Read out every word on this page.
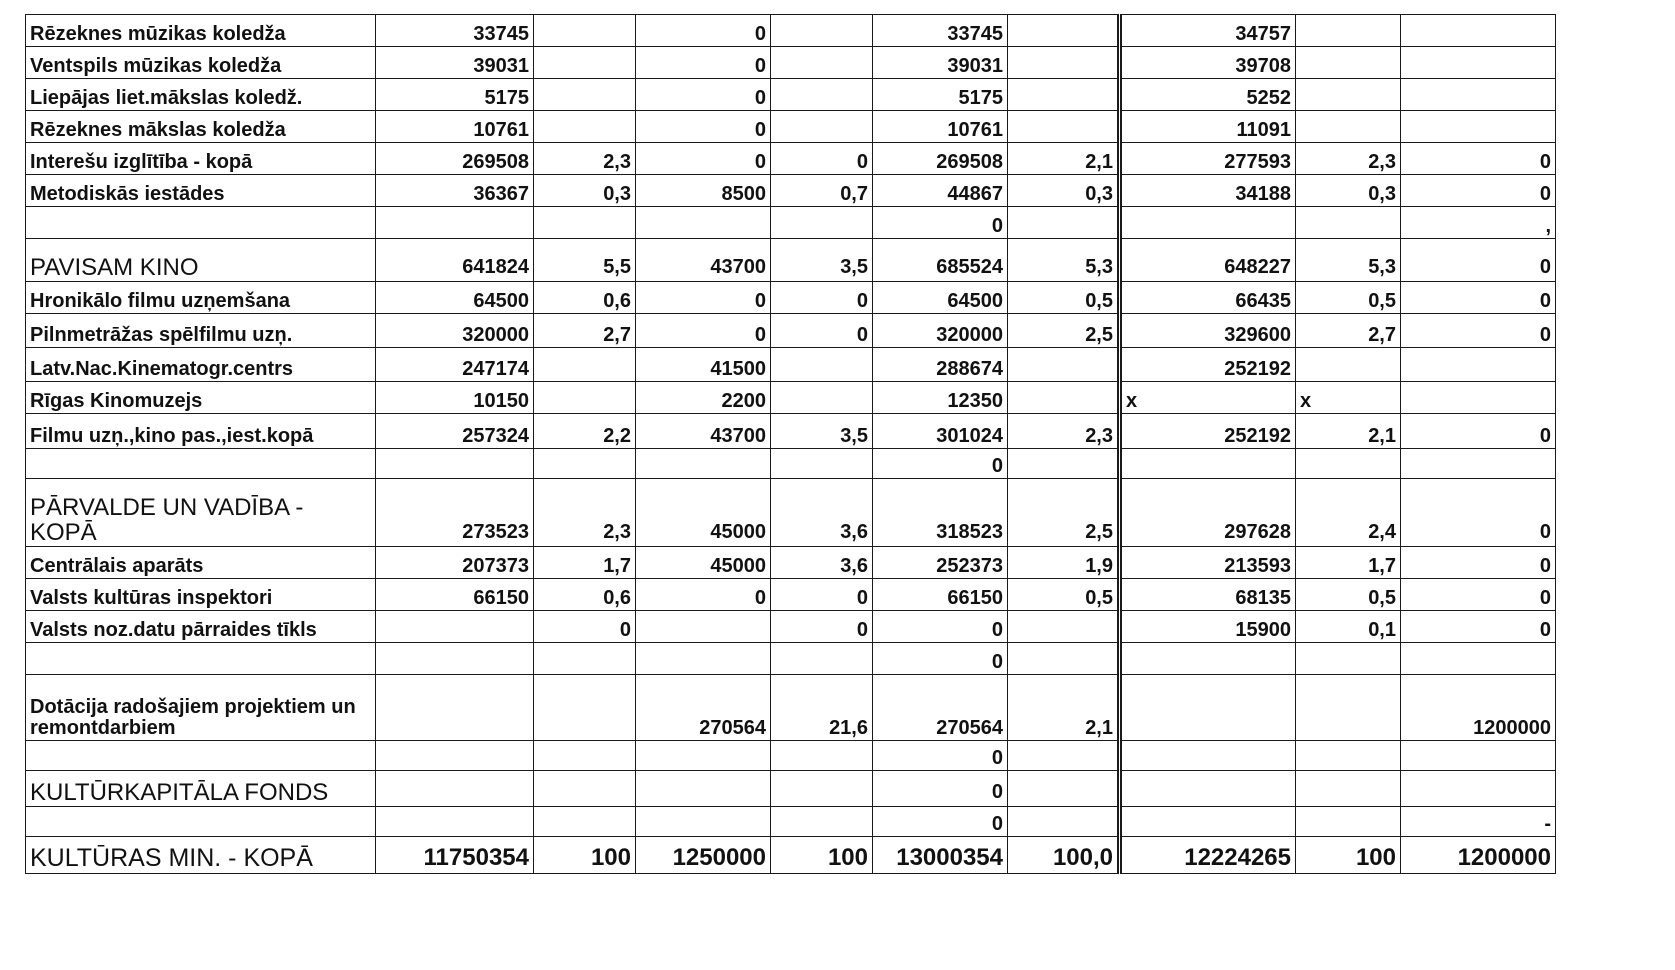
Rēzeknes mūzikas koledža	33745		0		33745		34757		
Ventspils mūzikas koledža	39031		0		39031		39708		
Liepājas liet.mākslas koledž.	5175		0		5175		5252		
Rēzeknes mākslas koledža	10761		0		10761		11091		
Interešu izglītība - kopā	269508	2,3	0	0	269508	2,1	277593	2,3	0
Metodiskās iestādes	36367	0,3	8500	0,7	44867	0,3	34188	0,3	0
					0				,
PAVISAM KINO	641824	5,5	43700	3,5	685524	5,3	648227	5,3	0
Hronikālo filmu uzņemšana	64500	0,6	0	0	64500	0,5	66435	0,5	0
Pilnmetrāžas spēlfilmu uzņ.	320000	2,7	0	0	320000	2,5	329600	2,7	0
Latv.Nac.Kinematogr.centrs	247174		41500		288674		252192		
Rīgas Kinomuzejs	10150		2200		12350		x	x	
Filmu uzņ.,kino pas.,iest.kopā	257324	2,2	43700	3,5	301024	2,3	252192	2,1	0
					0				
PĀRVALDE UN VADĪBA - KOPĀ	273523	2,3	45000	3,6	318523	2,5	297628	2,4	0
Centrālais aparāts	207373	1,7	45000	3,6	252373	1,9	213593	1,7	0
Valsts kultūras inspektori	66150	0,6	0	0	66150	0,5	68135	0,5	0
Valsts noz.datu pārraides tīkls		0		0	0		15900	0,1	0
					0				
Dotācija radošajiem projektiem un remontdarbiem			270564	21,6	270564	2,1			1200000
					0				
KULTŪRKAPITĀLA FONDS					0				
					0				-
KULTŪRAS MIN. - KOPĀ	11750354	100	1250000	100	13000354	100,0	12224265	100	1200000
